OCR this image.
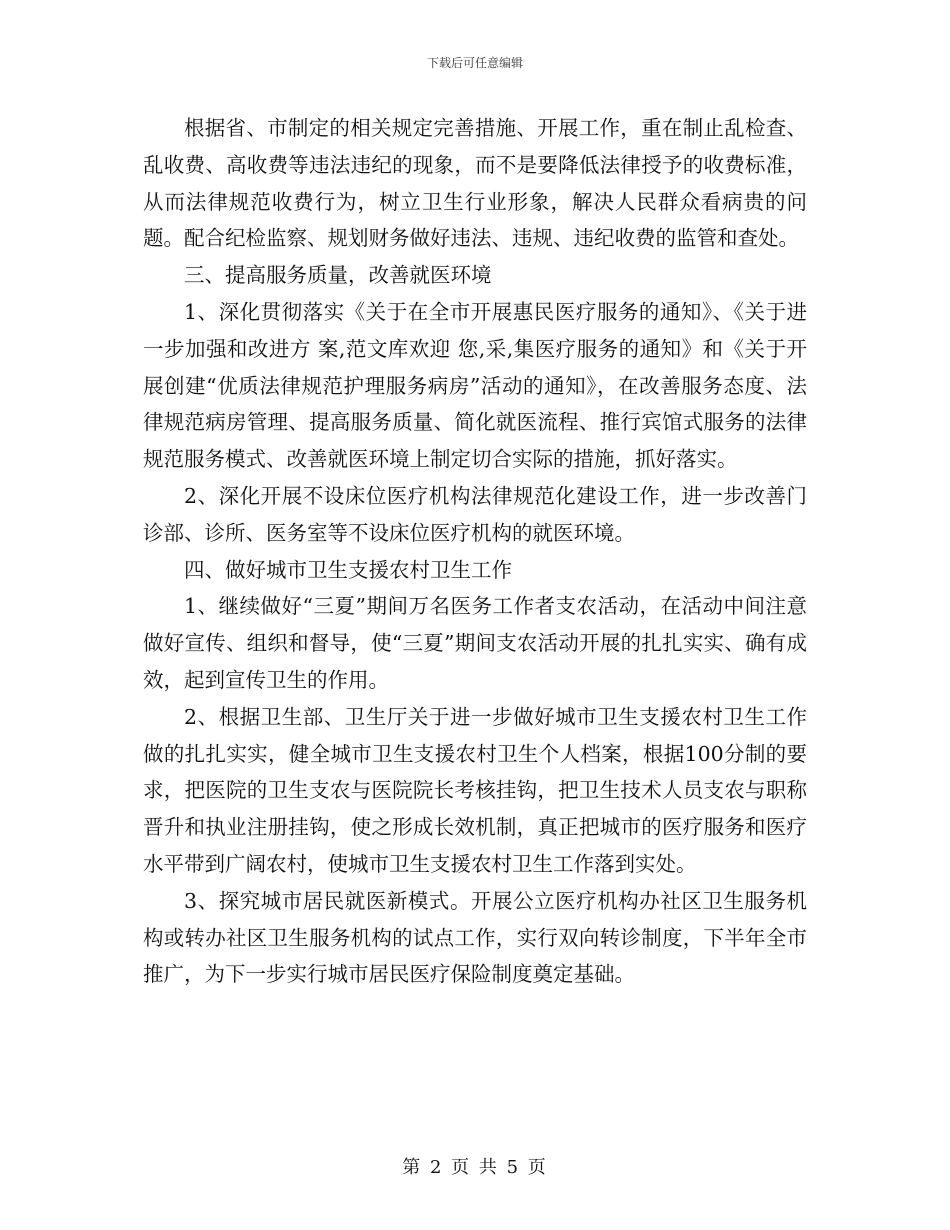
下载后可任意编辑

根据省、市制定的相关规定完善措施、开展工作，重在制止乱检查、乱收费、高收费等违法违纪的现象，而不是要降低法律授予的收费标准，从而法律规范收费行为，树立卫生行业形象，解决人民群众看病贵的问题。配合纪检监察、规划财务做好违法、违规、违纪收费的监管和查处。

三、提高服务质量，改善就医环境

1、深化贯彻落实《关于在全市开展惠民医疗服务的通知》、《关于进一步加强和改进方 案,范文库欢迎 您,采,集医疗服务的通知》和《关于开展创建“优质法律规范护理服务病房”活动的通知》，在改善服务态度、法律规范病房管理、提高服务质量、简化就医流程、推行宾馆式服务的法律规范服务模式、改善就医环境上制定切合实际的措施，抓好落实。

2、深化开展不设床位医疗机构法律规范化建设工作，进一步改善门诊部、诊所、医务室等不设床位医疗机构的就医环境。

四、做好城市卫生支援农村卫生工作

1、继续做好“三夏”期间万名医务工作者支农活动，在活动中间注意做好宣传、组织和督导，使“三夏”期间支农活动开展的扎扎实实、确有成效，起到宣传卫生的作用。

2、根据卫生部、卫生厅关于进一步做好城市卫生支援农村卫生工作做的扎扎实实，健全城市卫生支援农村卫生个人档案，根据100分制的要求，把医院的卫生支农与医院院长考核挂钩，把卫生技术人员支农与职称晋升和执业注册挂钩，使之形成长效机制，真正把城市的医疗服务和医疗水平带到广阔农村，使城市卫生支援农村卫生工作落到实处。

3、探究城市居民就医新模式。开展公立医疗机构办社区卫生服务机构或转办社区卫生服务机构的试点工作，实行双向转诊制度，下半年全市推广，为下一步实行城市居民医疗保险制度奠定基础。

第 2 页 共 5 页
